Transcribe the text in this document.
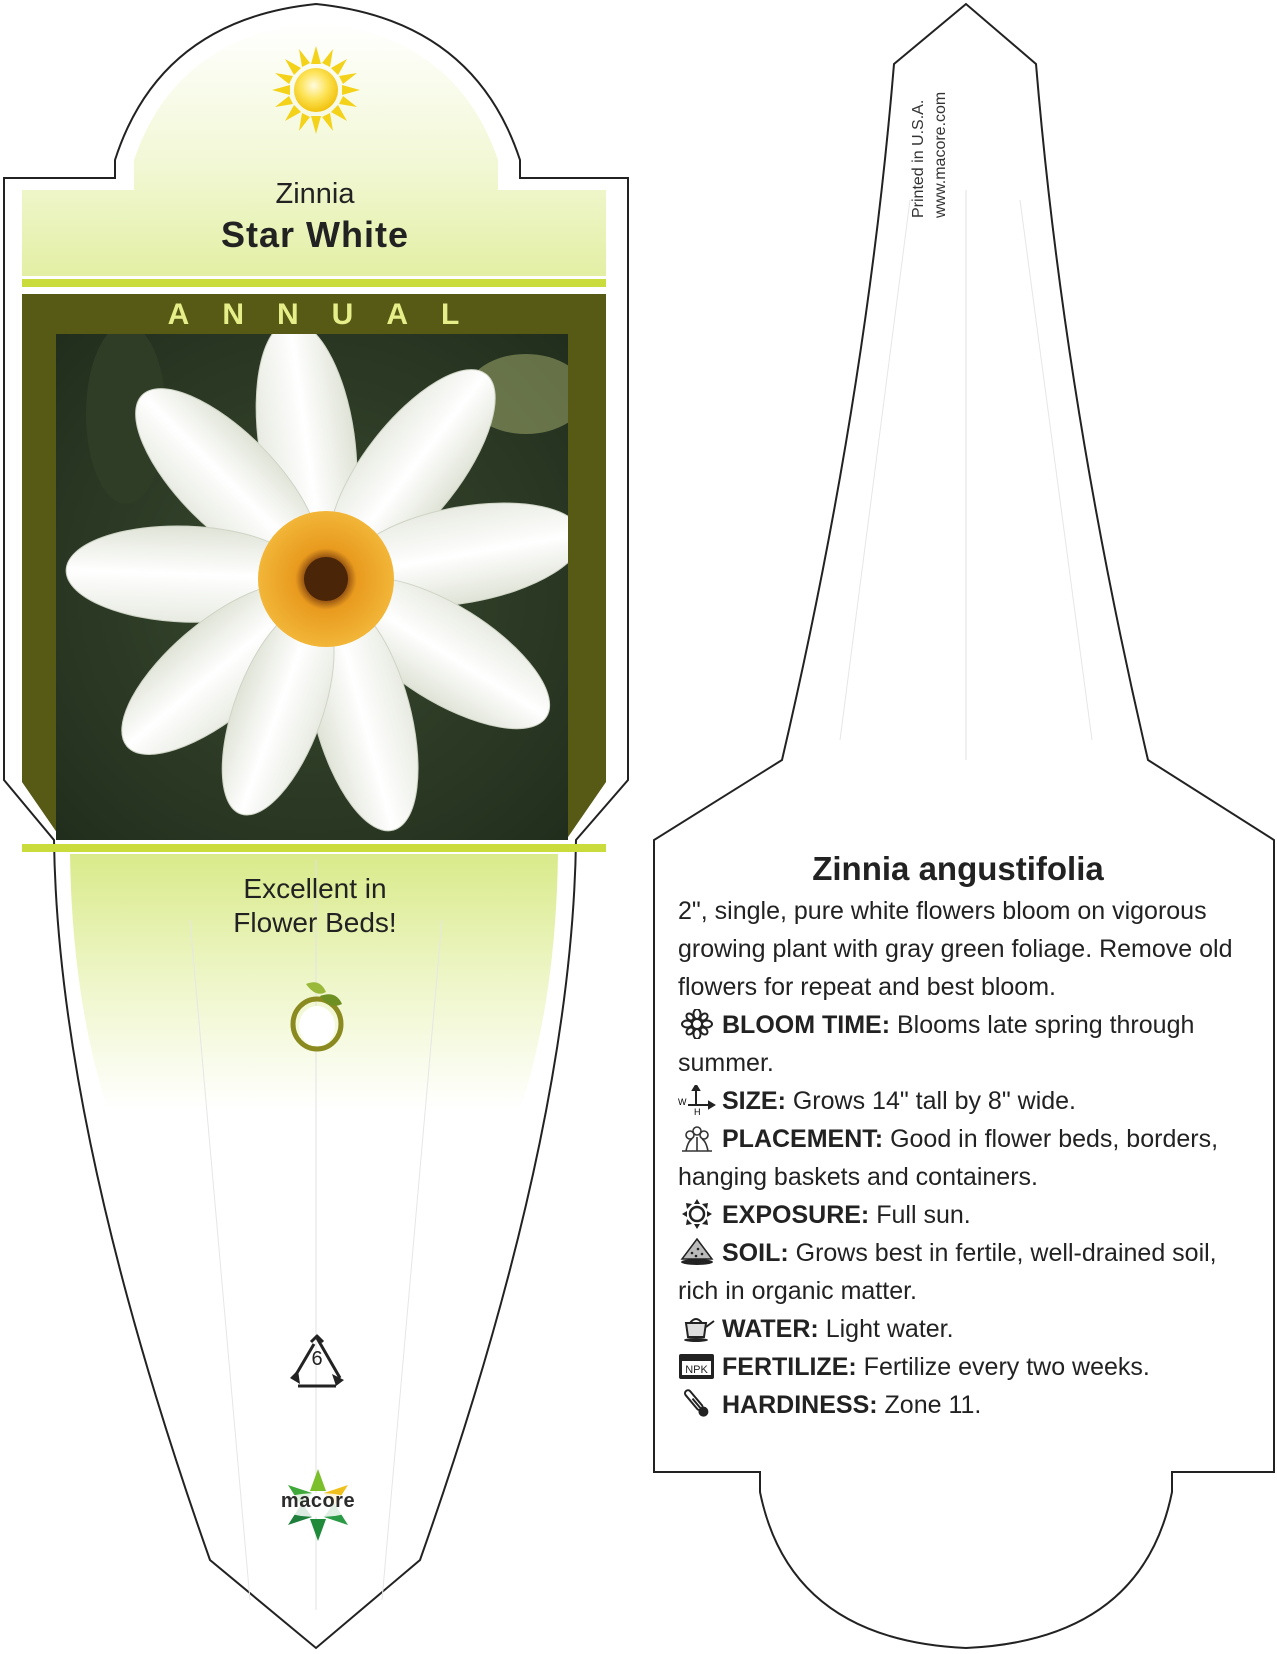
Zinnia
Star White
ANNUAL
Excellent in
Flower Beds!
6
macore
Printed in U.S.A. www.macore.com
Zinnia angustifolia

2", single, pure white flowers bloom on vigorous growing plant with gray green foliage. Remove old flowers for repeat and best bloom.

BLOOM TIME: Blooms late spring through summer.

W
H SIZE: Grows 14" tall by 8" wide.

PLACEMENT: Good in flower beds, borders, hanging baskets and containers.

EXPOSURE: Full sun.

SOIL: Grows best in fertile, well-drained soil, rich in organic matter.

WATER: Light water.

NPK FERTILIZE: Fertilize every two weeks.

HARDINESS: Zone 11.
